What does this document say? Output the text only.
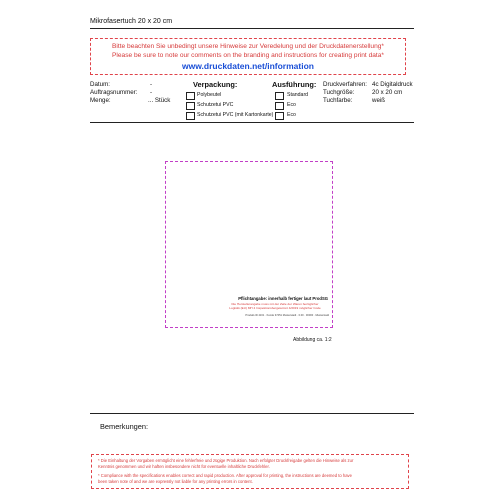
Mikrofasertuch 20 x 20 cm
Bitte beachten Sie unbedingt unsere Hinweise zur Veredelung und der Druckdatenerstellung*
Please be sure to note our comments on the branding and instructions for creating print data*
www.druckdaten.net/information
Datum:	-
Auftragsnummer: -
Menge:	... Stück
Verpackung:
Polybeutel
Schutzetui PVC
Schutzetui PVC (mit Kartonkarte)
Ausführung:
Standard
Eco
Eco
Druckverfahren: 4c Digitaldruck
Tuchgröße:	20 x 20 cm
Tuchfarbe:	weiß
Pflichtangabe: innerhalb fertiger laut ProdSG
Die Herstellerangabe muss mit der Zeile der Waren bezüglicher
Logistik (EU) MH 4 Inspektionsbergeleimnt 4/2019 möglicher Code
Produkt-ID 4161 · Kunde 37451 Musterstadt · 0.00 · 00000 · Musterstadt
Abbildung ca. 1:2
Bemerkungen:
* Die Einhaltung der Vorgaben ermöglicht eine fehlerfreie und zügige Produktion. Nach erfolgter Druckfreigabe gelten die Hinweise als zur
Kenntnis genommen und wir haften insbesondere nicht für eventuelle inhaltliche Druckfehler.
* Compliance with the specifications enables correct and rapid production. After approval for printing, the instructions are deemed to have
been taken note of and we are expressly not liable for any printing errors in content.
